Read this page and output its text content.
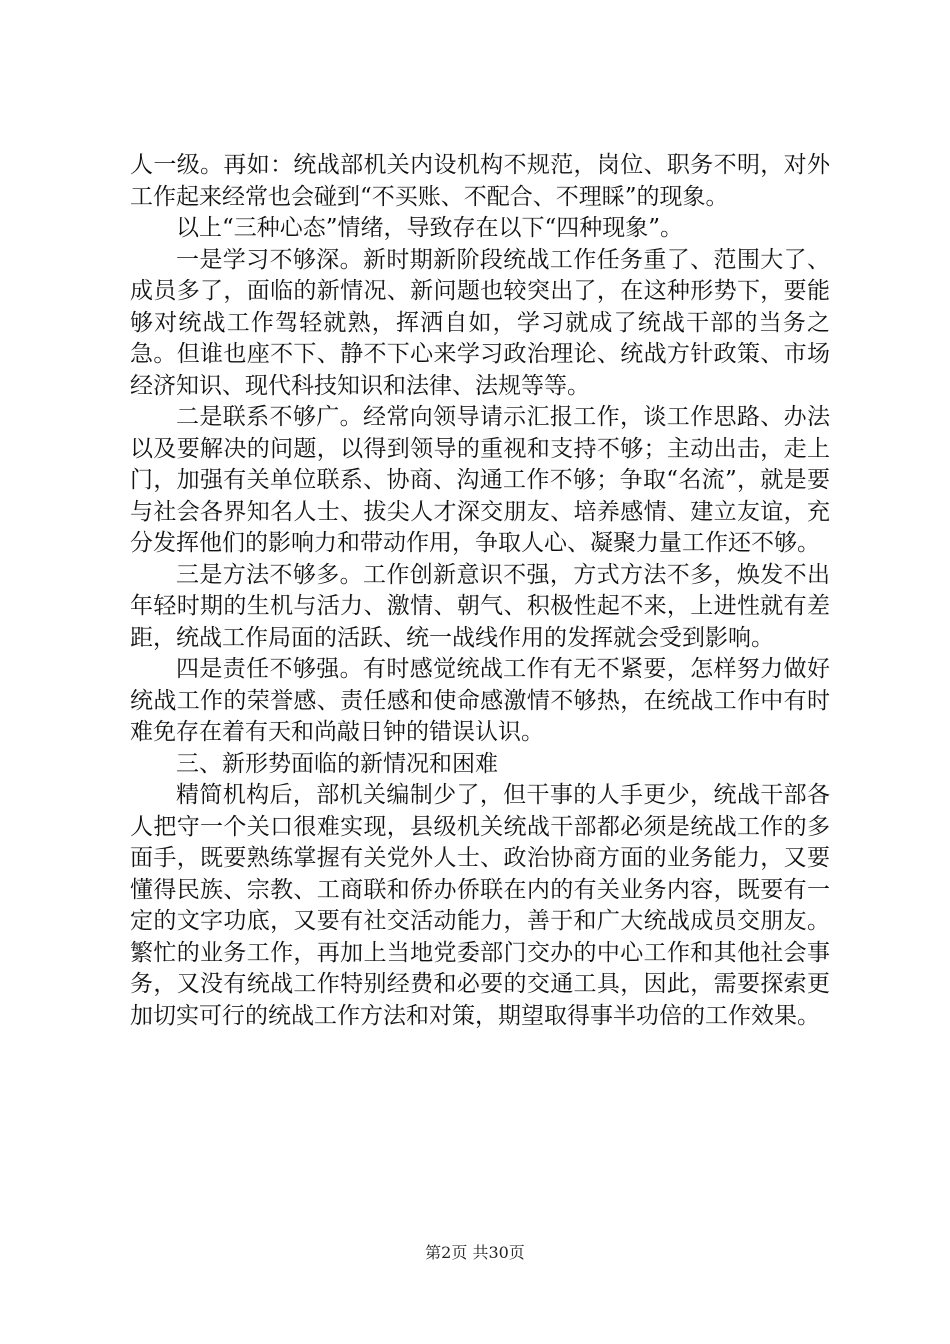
人一级。再如：统战部机关内设机构不规范，岗位、职务不明，对外工作起来经常也会碰到“不买账、不配合、不理睬”的现象。

以上“三种心态”情绪，导致存在以下“四种现象”。

一是学习不够深。新时期新阶段统战工作任务重了、范围大了、成员多了，面临的新情况、新问题也较突出了，在这种形势下，要能够对统战工作驾轻就熟，挥洒自如，学习就成了统战干部的当务之急。但谁也座不下、静不下心来学习政治理论、统战方针政策、市场经济知识、现代科技知识和法律、法规等等。

二是联系不够广。经常向领导请示汇报工作，谈工作思路、办法以及要解决的问题，以得到领导的重视和支持不够；主动出击，走上门，加强有关单位联系、协商、沟通工作不够；争取“名流”，就是要与社会各界知名人士、拔尖人才深交朋友、培养感情、建立友谊，充分发挥他们的影响力和带动作用，争取人心、凝聚力量工作还不够。

三是方法不够多。工作创新意识不强，方式方法不多，焕发不出年轻时期的生机与活力、激情、朝气、积极性起不来，上进性就有差距，统战工作局面的活跃、统一战线作用的发挥就会受到影响。

四是责任不够强。有时感觉统战工作有无不紧要，怎样努力做好统战工作的荣誉感、责任感和使命感激情不够热，在统战工作中有时难免存在着有天和尚敲日钟的错误认识。

三、新形势面临的新情况和困难

精简机构后，部机关编制少了，但干事的人手更少，统战干部各人把守一个关口很难实现，县级机关统战干部都必须是统战工作的多面手，既要熟练掌握有关党外人士、政治协商方面的业务能力，又要懂得民族、宗教、工商联和侨办侨联在内的有关业务内容，既要有一定的文字功底，又要有社交活动能力，善于和广大统战成员交朋友。繁忙的业务工作，再加上当地党委部门交办的中心工作和其他社会事务，又没有统战工作特别经费和必要的交通工具，因此，需要探索更加切实可行的统战工作方法和对策，期望取得事半功倍的工作效果。

第2页 共30页
